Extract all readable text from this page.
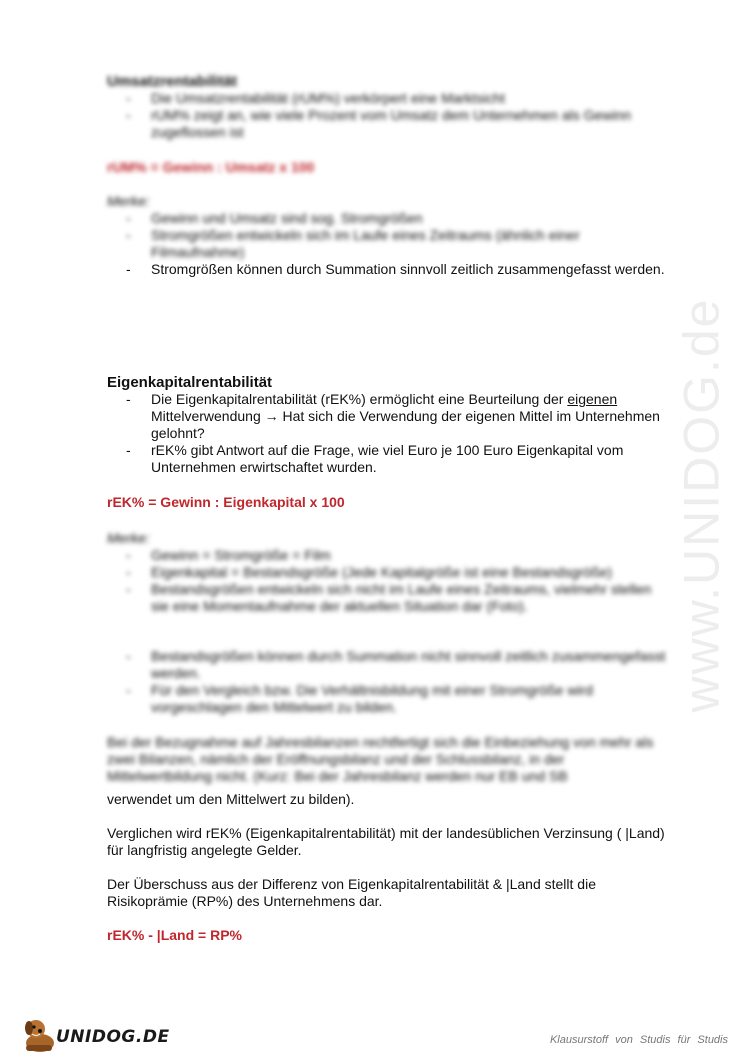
www.UNIDOG.de
Umsatzrentabilität
- Die Umsatzrentabilität (rUM%) verkörpert eine Marktsicht
- rUM% zeigt an, wie viele Prozent vom Umsatz dem Unternehmen als Gewinn zugeflossen ist
rUM% = Gewinn : Umsatz x 100
Merke:
- Gewinn und Umsatz sind sog. Stromgrößen
- Stromgrößen entwickeln sich im Laufe eines Zeitraums (ähnlich einer Filmaufnahme)
- Stromgrößen können durch Summation sinnvoll zeitlich zusammengefasst werden.
Eigenkapitalrentabilität
- Die Eigenkapitalrentabilität (rEK%) ermöglicht eine Beurteilung der eigenen Mittelverwendung → Hat sich die Verwendung der eigenen Mittel im Unternehmen gelohnt?
- rEK% gibt Antwort auf die Frage, wie viel Euro je 100 Euro Eigenkapital vom Unternehmen erwirtschaftet wurden.
rEK% = Gewinn : Eigenkapital x 100
Merke:
- Gewinn = Stromgröße = Film
- Eigenkapital = Bestandsgröße (Jede Kapitalgröße ist eine Bestandsgröße)
- Bestandsgrößen entwickeln sich nicht im Laufe eines Zeitraums, vielmehr stellen sie eine Momentaufnahme der aktuellen Situation dar (Foto).
- Bestandsgrößen können durch Summation nicht sinnvoll zeitlich zusammengefasst werden.
- Für den Vergleich bzw. Die Verhältnisbildung mit einer Stromgröße wird vorgeschlagen den Mittelwert zu bilden.

Bei der Bezugnahme auf Jahresbilanzen rechtfertigt sich die Einbeziehung von mehr als zwei Bilanzen, nämlich der Eröffnungsbilanz und der Schlussbilanz, in der Mittelwertbildung nicht. (Kurz: Bei der Jahresbilanz werden nur EB und SB

verwendet um den Mittelwert zu bilden).

Verglichen wird rEK% (Eigenkapitalrentabilität) mit der landesüblichen Verzinsung ( |Land) für langfristig angelegte Gelder.

Der Überschuss aus der Differenz von Eigenkapitalrentabilität & |Land stellt die Risikoprämie (RP%) des Unternehmens dar.

rEK% - |Land = RP%
UNIDOG.DE	Klausurstoff von Studis für Studis
